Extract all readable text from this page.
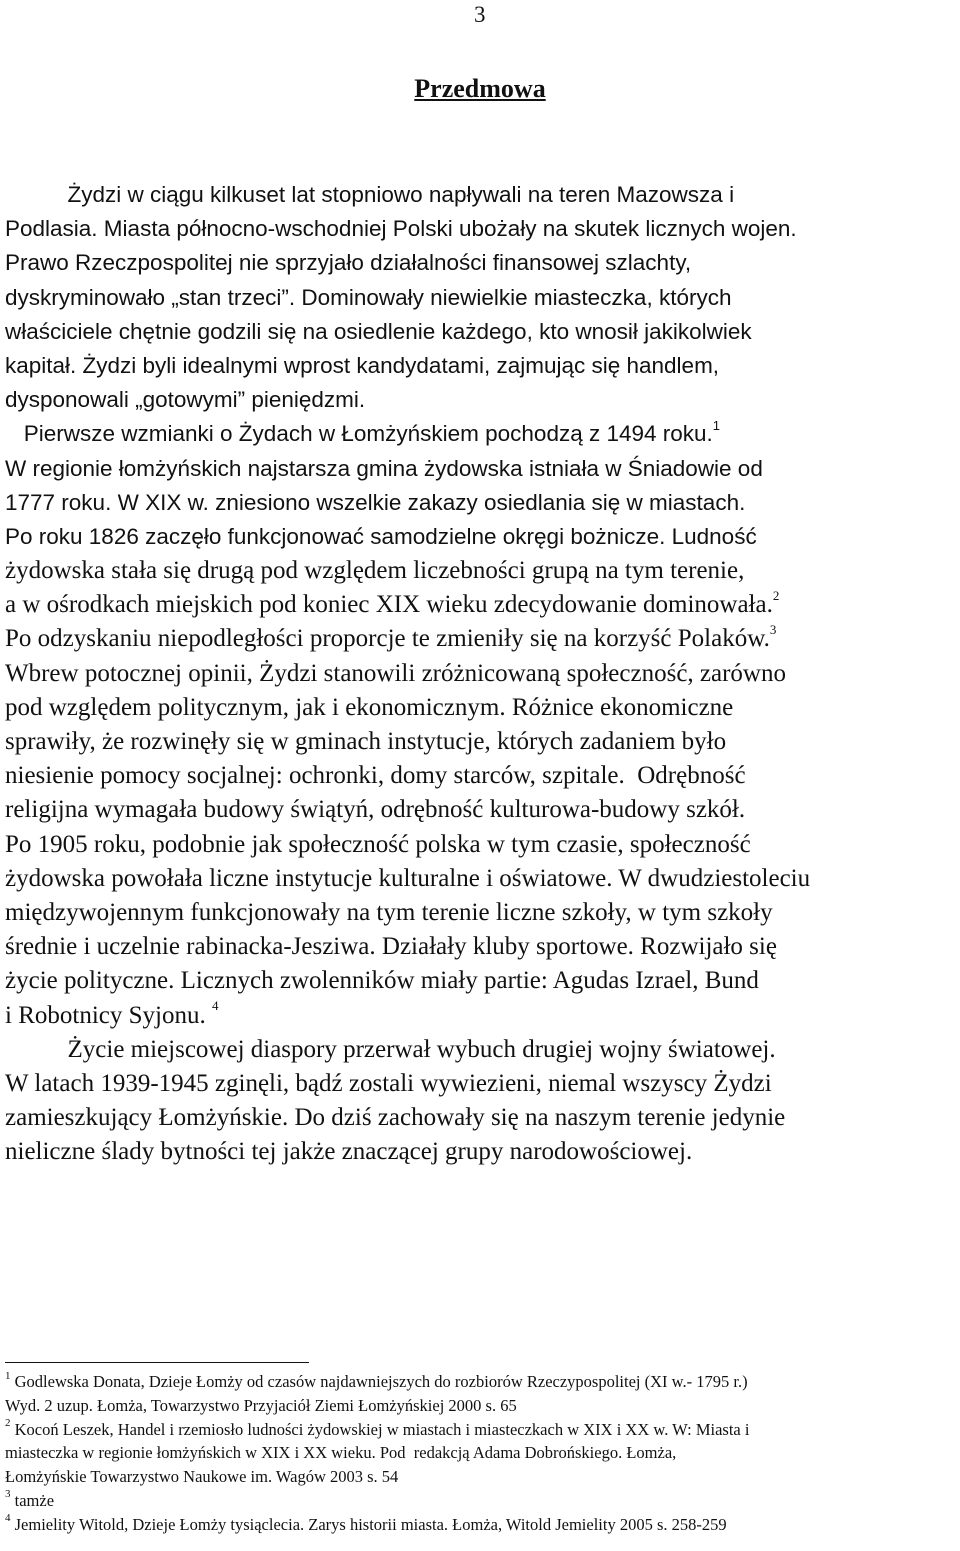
3
Przedmowa
Żydzi w ciągu kilkuset lat stopniowo napływali na teren Mazowsza i
Podlasia. Miasta północno-wschodniej Polski ubożały na skutek licznych wojen.
Prawo Rzeczpospolitej nie sprzyjało działalności finansowej szlachty,
dyskryminowało „stan trzeci”. Dominowały niewielkie miasteczka, których
właściciele chętnie godzili się na osiedlenie każdego, kto wnosił jakikolwiek
kapitał. Żydzi byli idealnymi wprost kandydatami, zajmując się handlem,
dysponowali „gotowymi” pieniędzmi.
Pierwsze wzmianki o Żydach w Łomżyńskiem pochodzą z 1494 roku.$^1$
W regionie łomżyńskich najstarsza gmina żydowska istniała w Śniadowie od
1777 roku. W XIX w. zniesiono wszelkie zakazy osiedlania się w miastach.
Po roku 1826 zaczęło funkcjonować samodzielne okręgi bożnicze. Ludność
żydowska stała się drugą pod względem liczebności grupą na tym terenie,
a w ośrodkach miejskich pod koniec XIX wieku zdecydowanie dominowała.$^2$
Po odzyskaniu niepodległości proporcje te zmieniły się na korzyść Polaków.$^3$
Wbrew potocznej opinii, Żydzi stanowili zróżnicowaną społeczność, zarówno
pod względem politycznym, jak i ekonomicznym. Różnice ekonomiczne
sprawiły, że rozwinęły się w gminach instytucje, których zadaniem było
niesienie pomocy socjalnej: ochronki, domy starców, szpitale.  Odrębność
religijna wymagała budowy świątyń, odrębność kulturowa-budowy szkół.
Po 1905 roku, podobnie jak społeczność polska w tym czasie, społeczność
żydowska powołała liczne instytucje kulturalne i oświatowe. W dwudziestoleciu
międzywojennym funkcjonowały na tym terenie liczne szkoły, w tym szkoły
średnie i uczelnie rabinacka-Jesziwa. Działały kluby sportowe. Rozwijało się
życie polityczne. Licznych zwolenników miały partie: Agudas Izrael, Bund
i Robotnicy Syjonu. $^4$
Życie miejscowej diaspory przerwał wybuch drugiej wojny światowej.
W latach 1939-1945 zginęli, bądź zostali wywiezieni, niemal wszyscy Żydzi
zamieszkujący Łomżyńskie. Do dziś zachowały się na naszym terenie jedynie
nieliczne ślady bytności tej jakże znaczącej grupy narodowościowej.
$^1$ Godlewska Donata, Dzieje Łomży od czasów najdawniejszych do rozbiorów Rzeczypospolitej (XI w.- 1795 r.)
Wyd. 2 uzup. Łomża, Towarzystwo Przyjaciół Ziemi Łomżyńskiej 2000 s. 65
$^2$ Kocoń Leszek, Handel i rzemiosło ludności żydowskiej w miastach i miasteczkach w XIX i XX w. W: Miasta i
miasteczka w regionie łomżyńskich w XIX i XX wieku. Pod  redakcją Adama Dobrońskiego. Łomża,
Łomżyńskie Towarzystwo Naukowe im. Wagów 2003 s. 54
$^3$ tamże
$^4$ Jemielity Witold, Dzieje Łomży tysiąclecia. Zarys historii miasta. Łomża, Witold Jemielity 2005 s. 258-259
